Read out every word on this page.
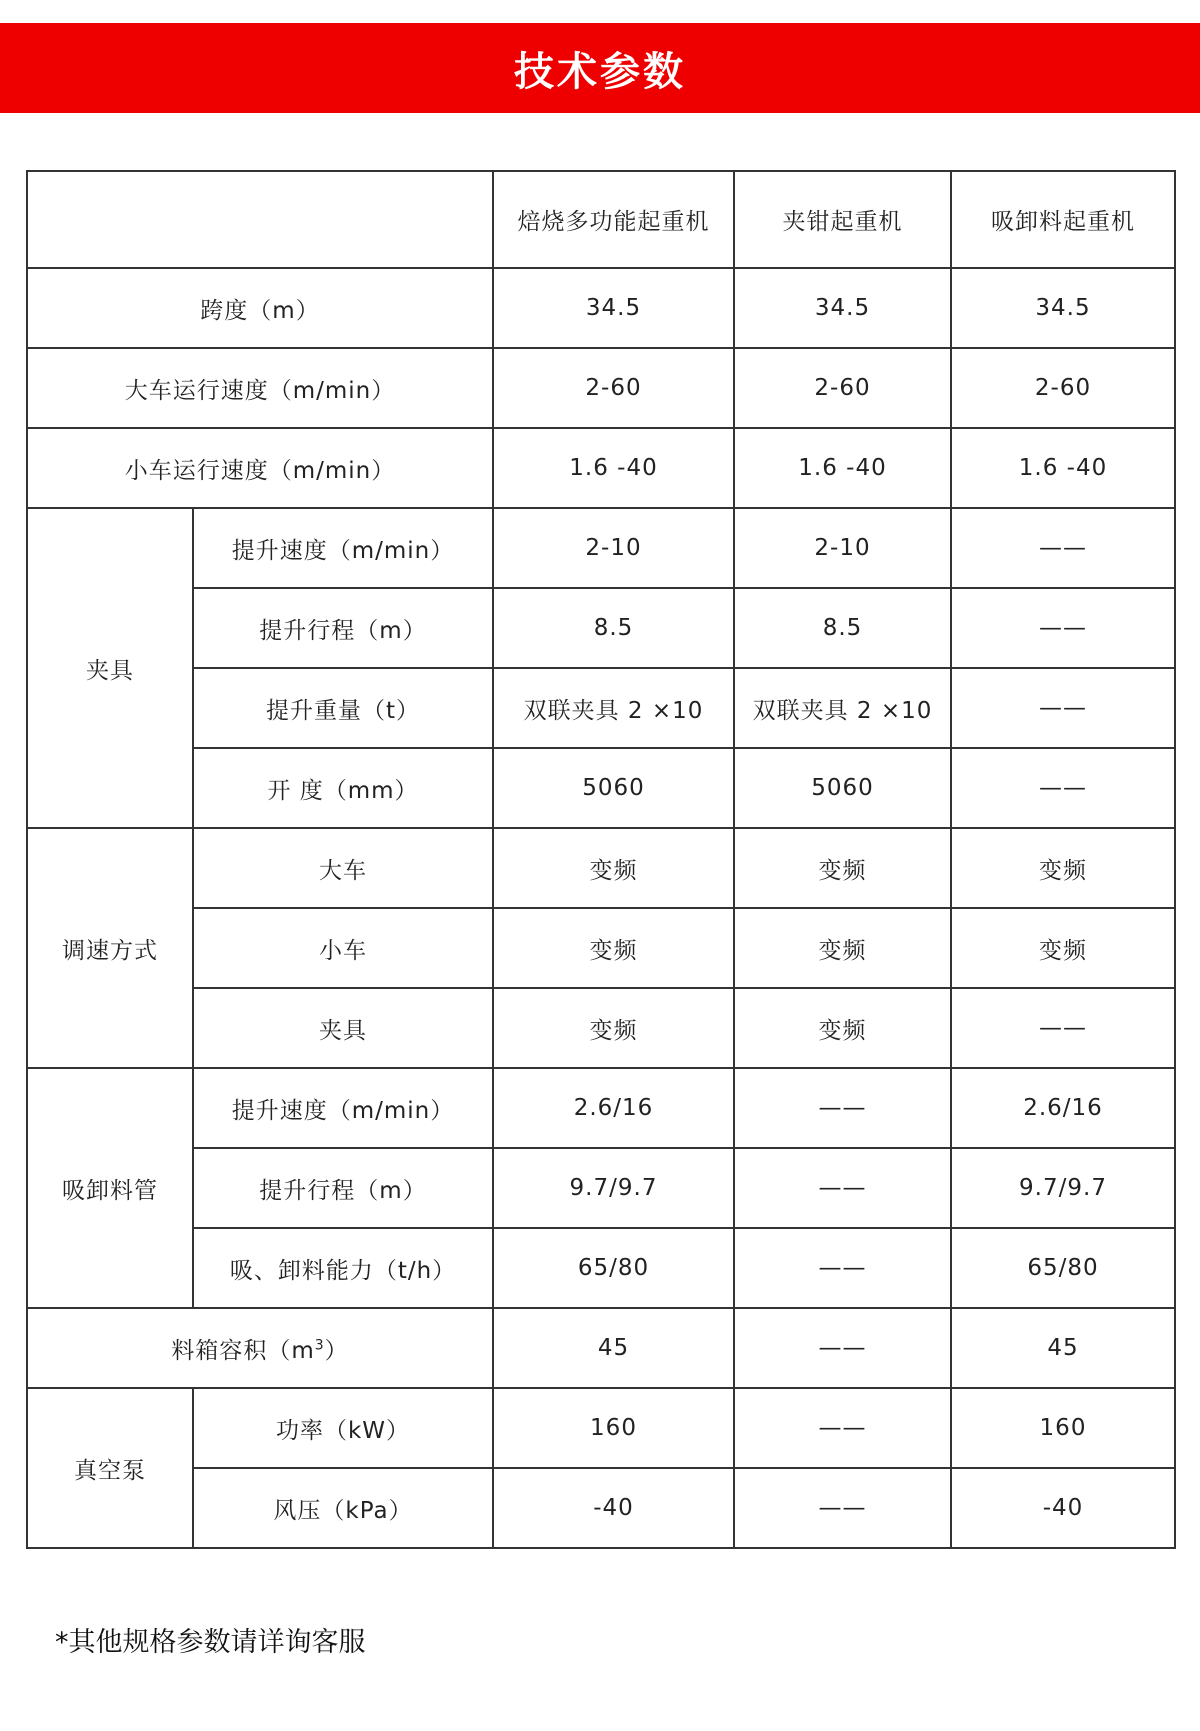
技术参数
		焙烧多功能起重机	夹钳起重机	吸卸料起重机
跨度（m）		34.5	34.5	34.5
大车运行速度（m/min）		2-60	2-60	2-60
小车运行速度（m/min）		1.6 -40	1.6 -40	1.6 -40
夹具	提升速度（m/min）	2-10	2-10	——
	提升行程（m）	8.5	8.5	——
	提升重量（t）	双联夹具 2 ×10	双联夹具 2 ×10	——
	开 度（mm）	5060	5060	——
调速方式	大车	变频	变频	变频
	小车	变频	变频	变频
	夹具	变频	变频	——
吸卸料管	提升速度（m/min）	2.6/16	——	2.6/16
	提升行程（m）	9.7/9.7	——	9.7/9.7
	吸、卸料能力（t/h）	65/80	——	65/80
料箱容积$(m^3)$		45	——	45
真空泵	功率（kW）	160	——	160
	风压（kPa）	-40	——	-40
*其他规格参数请详询客服
